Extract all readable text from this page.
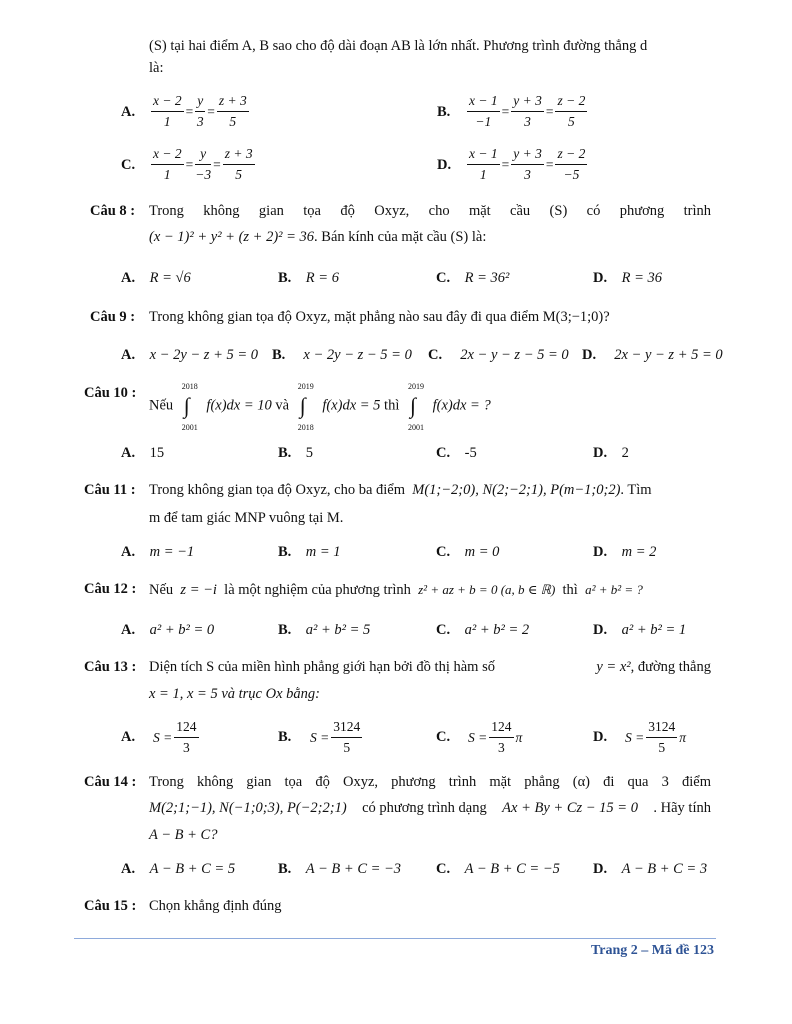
(S) tại hai điểm A, B sao cho độ dài đoạn AB là lớn nhất. Phương trình đường thẳng d
là:
A. $\frac{x - 2}{1} = \frac{y}{3} = \frac{z + 3}{5}$	B. $\frac{x - 1}{-1} = \frac{y + 3}{3} = \frac{z - 2}{5}$
C. $\frac{x - 2}{1} = \frac{y}{-3} = \frac{z + 3}{5}$	D. $\frac{x - 1}{1} = \frac{y + 3}{3} = \frac{z - 2}{-5}$
Câu 8 : Trong không gian tọa độ Oxyz, cho mặt cầu (S) có phương trình
(x − 1)² + y² + (z + 2)² = 36. Bán kính của mặt cầu (S) là:
A. R = √6	B. R = 6	C. R = 36²	D. R = 36
Câu 9 : Trong không gian tọa độ Oxyz, mặt phẳng nào sau đây đi qua điểm M(3;−1;0)?
A. x − 2y − z + 5 = 0 B. x − 2y − z − 5 = 0 C. 2x − y − z − 5 = 0 D. 2x − y − z + 5 = 0
Câu 10 :
Nếu
2018
∫
2001
f(x)dx = 10 và
2019
∫
2018
f(x)dx = 5 thì
2019
∫
2001
f(x)dx = ?
A. 15	B. 5	C. -5	D. 2
Câu 11 : Trong không gian tọa độ Oxyz, cho ba điểm M(1;−2;0), N(2;−2;1), P(m−1;0;2). Tìm
m để tam giác MNP vuông tại M.
A. m = −1	B. m = 1	C. m = 0	D. m = 2
Câu 12 : Nếu z = −i là một nghiệm của phương trình z² + az + b = 0 (a, b ∈ ℝ) thì a² + b² = ?
A. a² + b² = 0	B. a² + b² = 5	C. a² + b² = 2	D. a² + b² = 1
Câu 13 : Diện tích S của miền hình phẳng giới hạn bởi đồ thị hàm số	y = x², đường thẳng
x = 1, x = 5 và trục Ox bằng:
A. $S = \frac{124}{3}$	B. $S = \frac{3124}{5}$	C. $S = \frac{124}{3}$ π	D. $S = \frac{3124}{5}$ π
Câu 14 : Trong không gian tọa độ Oxyz, phương trình mặt phẳng (α) đi qua 3 điểm
M(2;1;−1), N(−1;0;3), P(−2;2;1) có phương trình dạng Ax + By + Cz − 15 = 0 . Hãy tính
A − B + C?
A. A − B + C = 5	B. A − B + C = −3 C. A − B + C = −5 D. A − B + C = 3
Câu 15 : Chọn khẳng định đúng
Trang 2 – Mã đề 123
